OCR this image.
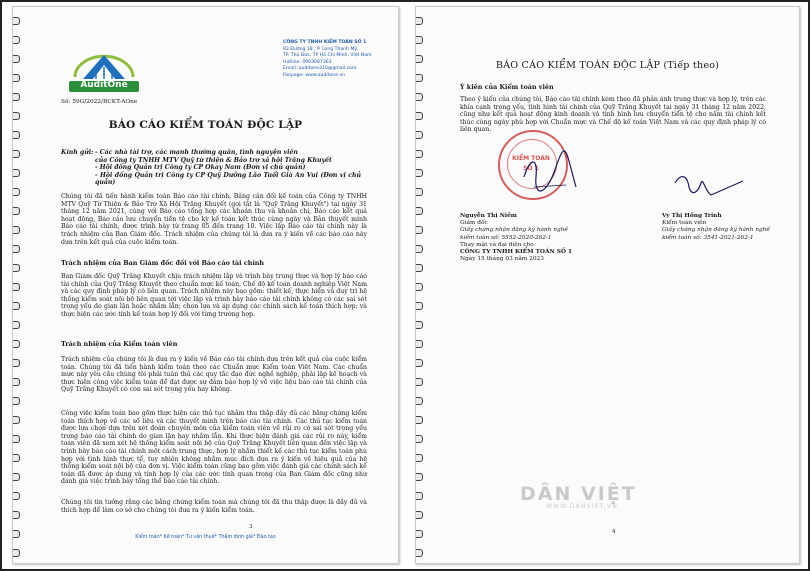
AuditOne
CÔNG TY TNHH KIỂM TOÁN SỐ 1
93 Đường 18 , P. Long Thạnh Mỹ,
TP. Thủ Đức, TP Hồ Chí Minh, Việt Nam
Hotline: 0903087363
Email: auditone310@gmail.com
Fanpage: www.auditone.vn
Số: 59G/2022/BCKT-AOne
BÁO CÁO KIỂM TOÁN ĐỘC LẬP
Kính gửi: - Các nhà tài trợ, các mạnh thường quân, tình nguyện viên
của Công ty TNHH MTV Quỹ từ thiện & Bảo trợ xã hội Trăng Khuyết
- Hội đồng Quản trị Công ty CP Okay Nam (Đơn vị chủ quản)
- Hội đồng Quản trị Công ty CP Quỹ Dưỡng Lão Tuổi Già An Vui (Đơn vị chủ quản)
Chúng tôi đã tiến hành kiểm toán Báo cáo tài chính, Bảng cân đối kế toán của Công ty TNHH MTV Quỹ Từ Thiện & Bảo Trợ Xã Hội Trăng Khuyết (gọi tắt là "Quỹ Trăng Khuyết") tại ngày 31 tháng 12 năm 2021, cùng với Báo cáo tổng hợp các khoản thu và khoản chi, Báo cáo kết quả hoạt động, Báo cáo lưu chuyển tiền tệ cho kỳ kế toán kết thúc cùng ngày và Bản thuyết minh Báo cáo tài chính, được trình bày từ trang 05 đến trang 10. Việc lập Báo cáo tài chính này là trách nhiệm của Ban Giám đốc. Trách nhiệm của chúng tôi là đưa ra ý kiến về các báo cáo này dựa trên kết quả của cuộc kiểm toán.
Trách nhiệm của Ban Giám đốc đối với Báo cáo tài chính
Ban Giám đốc Quỹ Trăng Khuyết chịu trách nhiệm lập và trình bày trung thực và hợp lý báo cáo tài chính của Quỹ Trăng Khuyết theo chuẩn mực kế toán, Chế độ kế toán doanh nghiệp Việt Nam và các quy định pháp lý có liên quan. Trách nhiệm này bao gồm: thiết kế, thực hiện và duy trì hệ thống kiểm soát nội bộ liên quan tới việc lập và trình bày báo cáo tài chính không có các sai sót trọng yếu do gian lận hoặc nhầm lẫn; chọn lựa và áp dụng các chính sách kế toán thích hợp; và thực hiện các ước tính kế toán hợp lý đối với từng trường hợp.
Trách nhiệm của Kiểm toán viên
Trách nhiệm của chúng tôi là đưa ra ý kiến về Báo cáo tài chính dựa trên kết quả của cuộc kiểm toán. Chúng tôi đã tiến hành kiểm toán theo các Chuẩn mực Kiểm toán Việt Nam. Các chuẩn mực này yêu cầu chúng tôi phải tuân thủ các quy tắc đạo đức nghề nghiệp, phải lập kế hoạch và thực hiện công việc kiểm toán để đạt được sự đảm bảo hợp lý về việc liệu báo cáo tài chính của Quỹ Trăng Khuyết có còn sai sót trọng yếu hay không.
Công việc kiểm toán bao gồm thực hiện các thủ tục nhằm thu thập đầy đủ các bằng chứng kiểm toán thích hợp về các số liệu và các thuyết minh trên báo cáo tài chính. Các thủ tục kiểm toán được lựa chọn dựa trên xét đoán chuyên môn của kiểm toán viên về rủi ro có sai sót trọng yếu trong báo cáo tài chính do gian lận hay nhầm lẫn. Khi thực hiện đánh giá các rủi ro này, kiểm toán viên đã xem xét hệ thống kiểm soát nội bộ của Quỹ Trăng Khuyết liên quan đến việc lập và trình bày báo cáo tài chính một cách trung thực, hợp lý nhằm thiết kế các thủ tục kiểm toán phù hợp với tình hình thực tế, tuy nhiên không nhằm mục đích đưa ra ý kiến về hiệu quả của hệ thống kiểm soát nội bộ của đơn vị. Việc kiểm toán cũng bao gồm việc đánh giá các chính sách kế toán đã được áp dụng và tính hợp lý của các ước tính quan trọng của Ban Giám đốc cũng như đánh giá việc trình bày tổng thể báo cáo tài chính.
Chúng tôi tin tưởng rằng các bằng chứng kiểm toán mà chúng tôi đã thu thập được là đầy đủ và thích hợp để làm cơ sở cho chúng tôi đưa ra ý kiến kiểm toán.
Kiểm toán* Kế toán* Tư vấn thuế* Thẩm định giá* Đào tạo
3
BÁO CÁO KIỂM TOÁN ĐỘC LẬP (Tiếp theo)
Ý kiến của Kiểm toán viên
Theo ý kiến của chúng tôi, Báo cáo tài chính kèm theo đã phản ánh trung thực và hợp lý, trên các khía cạnh trọng yếu, tình hình tài chính của Quỹ Trăng Khuyết tại ngày 31 tháng 12 năm 2022, cũng như kết quả hoạt động kinh doanh và tình hình lưu chuyển tiền tệ cho năm tài chính kết thúc cùng ngày phù hợp với Chuẩn mực và Chế độ kế toán Việt Nam và các quy định pháp lý có liên quan.
KIỂM TOÁN
SỐ 1
Nguyễn Thị Niềm
Giám đốc
Giấy chứng nhận đăng ký hành nghề
kiểm toán số: 5552-2020-262-1
Thay mặt và đại diện cho
CÔNG TY TNHH KIỂM TOÁN SỐ 1
Ngày 15 tháng 03 năm 2023
Vy Thị Hồng Trinh
Kiểm toán viên
Giấy chứng nhận đăng ký hành nghề
kiểm toán số: 3541-2021-262-1
4
DÂN VIỆT
WWW.DANVIET.VN
